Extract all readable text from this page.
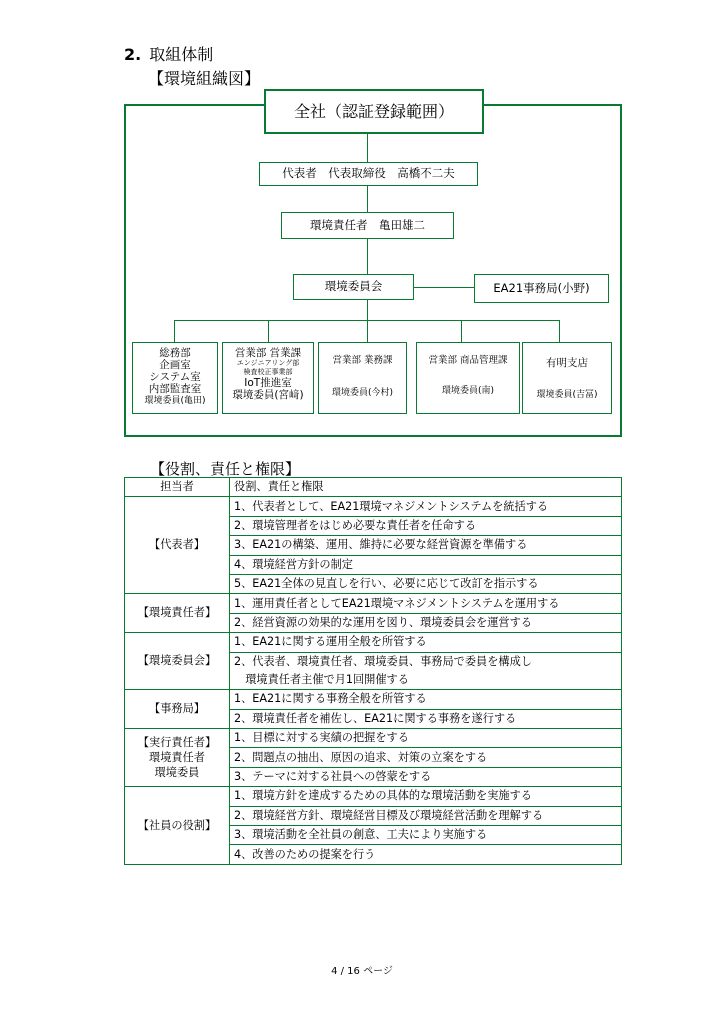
2. 取組体制
【環境組織図】
全社（認証登録範囲）
代表者　代表取締役　高橋不二夫
環境責任者　亀田雄二
環境委員会	EA21事務局(小野)
総務部
企画室
システム室
内部監査室
環境委員(亀田)
営業部 営業課
エンジニアリング部
検査校正事業部
IoT推進室
環境委員(宮﨑)
営業部 業務課
環境委員(今村)
営業部 商品管理課
環境委員(南)
有明支店
環境委員(吉冨)
【役割、責任と権限】
担当者	役割、責任と権限
【代表者】	1、代表者として、EA21環境マネジメントシステムを統括する
	2、環境管理者をはじめ必要な責任者を任命する
	3、EA21の構築、運用、維持に必要な経営資源を準備する
	4、環境経営方針の制定
	5、EA21全体の見直しを行い、必要に応じて改訂を指示する
【環境責任者】	1、運用責任者としてEA21環境マネジメントシステムを運用する
	2、経営資源の効果的な運用を図り、環境委員会を運営する
【環境委員会】	1、EA21に関する運用全般を所管する
	2、代表者、環境責任者、環境委員、事務局で委員を構成し
	　環境責任者主催で月1回開催する
【事務局】	1、EA21に関する事務全般を所管する
	2、環境責任者を補佐し、EA21に関する事務を遂行する
【実行責任者】
環境責任者
環境委員	1、目標に対する実績の把握をする
	2、問題点の抽出、原因の追求、対策の立案をする
	3、テーマに対する社員への啓蒙をする
【社員の役割】	1、環境方針を達成するための具体的な環境活動を実施する
	2、環境経営方針、環境経営目標及び環境経営活動を理解する
	3、環境活動を全社員の創意、工夫により実施する
	4、改善のための提案を行う
4 / 16 ページ
